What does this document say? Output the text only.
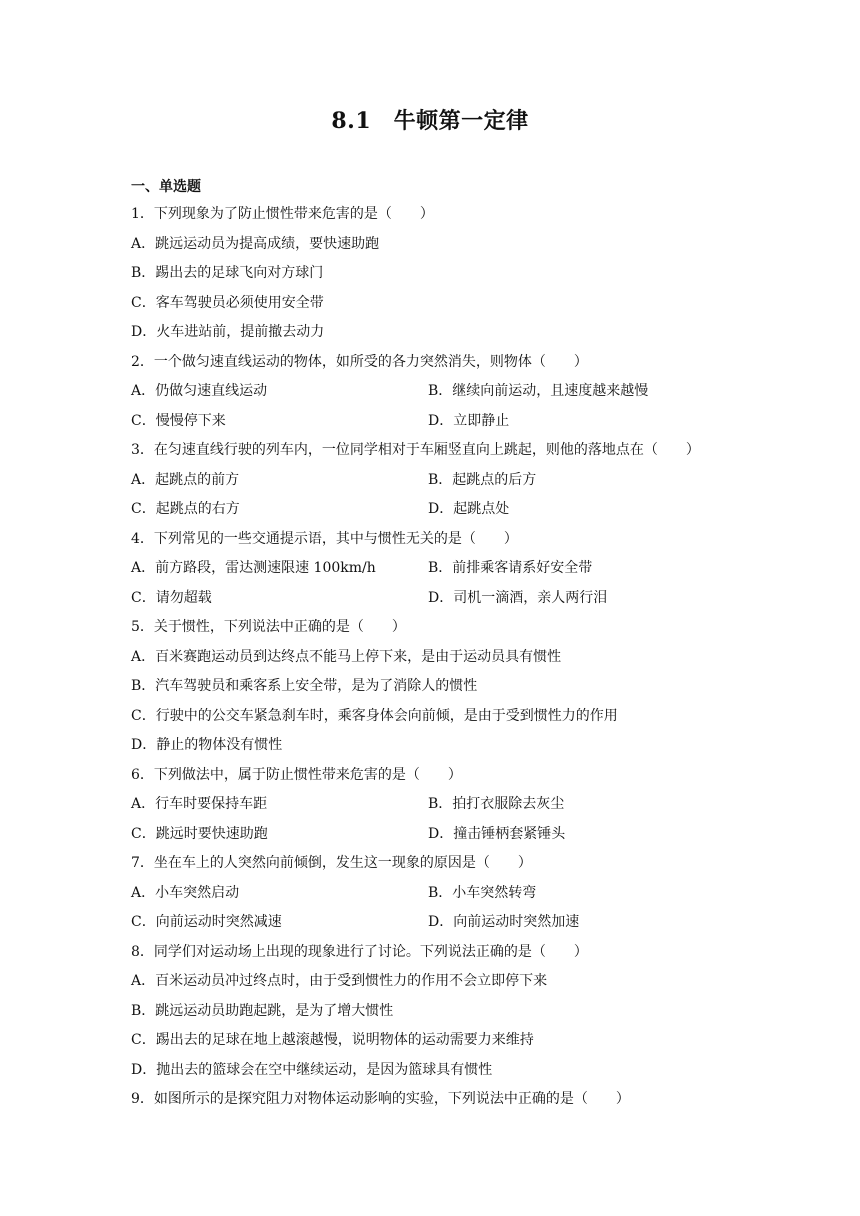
8.1　牛顿第一定律
一、单选题
1．下列现象为了防止惯性带来危害的是（　　）
A．跳远运动员为提高成绩，要快速助跑
B．踢出去的足球飞向对方球门
C．客车驾驶员必须使用安全带
D．火车进站前，提前撤去动力
2．一个做匀速直线运动的物体，如所受的各力突然消失，则物体（　　）
A．仍做匀速直线运动	B．继续向前运动，且速度越来越慢
C．慢慢停下来	D．立即静止
3．在匀速直线行驶的列车内，一位同学相对于车厢竖直向上跳起，则他的落地点在（　　）
A．起跳点的前方	B．起跳点的后方
C．起跳点的右方	D．起跳点处
4．下列常见的一些交通提示语，其中与惯性无关的是（　　）
A．前方路段，雷达测速限速 100km/h	B．前排乘客请系好安全带
C．请勿超载	D．司机一滴酒，亲人两行泪
5．关于惯性，下列说法中正确的是（　　）
A．百米赛跑运动员到达终点不能马上停下来，是由于运动员具有惯性
B．汽车驾驶员和乘客系上安全带，是为了消除人的惯性
C．行驶中的公交车紧急刹车时，乘客身体会向前倾，是由于受到惯性力的作用
D．静止的物体没有惯性
6．下列做法中，属于防止惯性带来危害的是（　　）
A．行车时要保持车距	B．拍打衣服除去灰尘
C．跳远时要快速助跑	D．撞击锤柄套紧锤头
7．坐在车上的人突然向前倾倒，发生这一现象的原因是（　　）
A．小车突然启动	B．小车突然转弯
C．向前运动时突然减速	D．向前运动时突然加速
8．同学们对运动场上出现的现象进行了讨论。下列说法正确的是（　　）
A．百米运动员冲过终点时，由于受到惯性力的作用不会立即停下来
B．跳远运动员助跑起跳，是为了增大惯性
C．踢出去的足球在地上越滚越慢，说明物体的运动需要力来维持
D．抛出去的篮球会在空中继续运动，是因为篮球具有惯性
9．如图所示的是探究阻力对物体运动影响的实验，下列说法中正确的是（　　）
